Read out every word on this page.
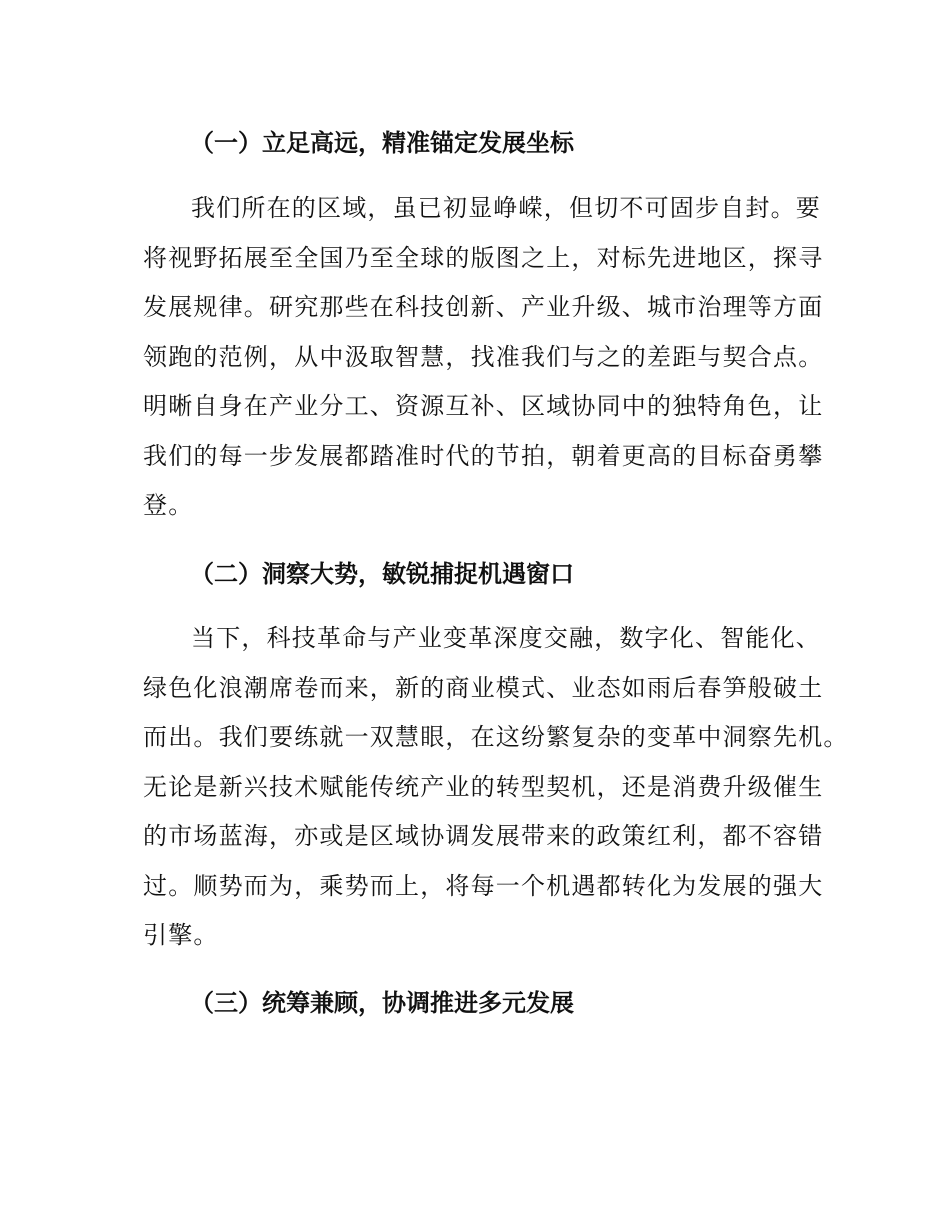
（一）立足高远，精准锚定发展坐标
我们所在的区域，虽已初显峥嵘，但切不可固步自封。要
将视野拓展至全国乃至全球的版图之上，对标先进地区，探寻
发展规律。研究那些在科技创新、产业升级、城市治理等方面
领跑的范例，从中汲取智慧，找准我们与之的差距与契合点。
明晰自身在产业分工、资源互补、区域协同中的独特角色，让
我们的每一步发展都踏准时代的节拍，朝着更高的目标奋勇攀
登。
（二）洞察大势，敏锐捕捉机遇窗口
当下，科技革命与产业变革深度交融，数字化、智能化、
绿色化浪潮席卷而来，新的商业模式、业态如雨后春笋般破土
而出。我们要练就一双慧眼，在这纷繁复杂的变革中洞察先机。
无论是新兴技术赋能传统产业的转型契机，还是消费升级催生
的市场蓝海，亦或是区域协调发展带来的政策红利，都不容错
过。顺势而为，乘势而上，将每一个机遇都转化为发展的强大
引擎。
（三）统筹兼顾，协调推进多元发展
